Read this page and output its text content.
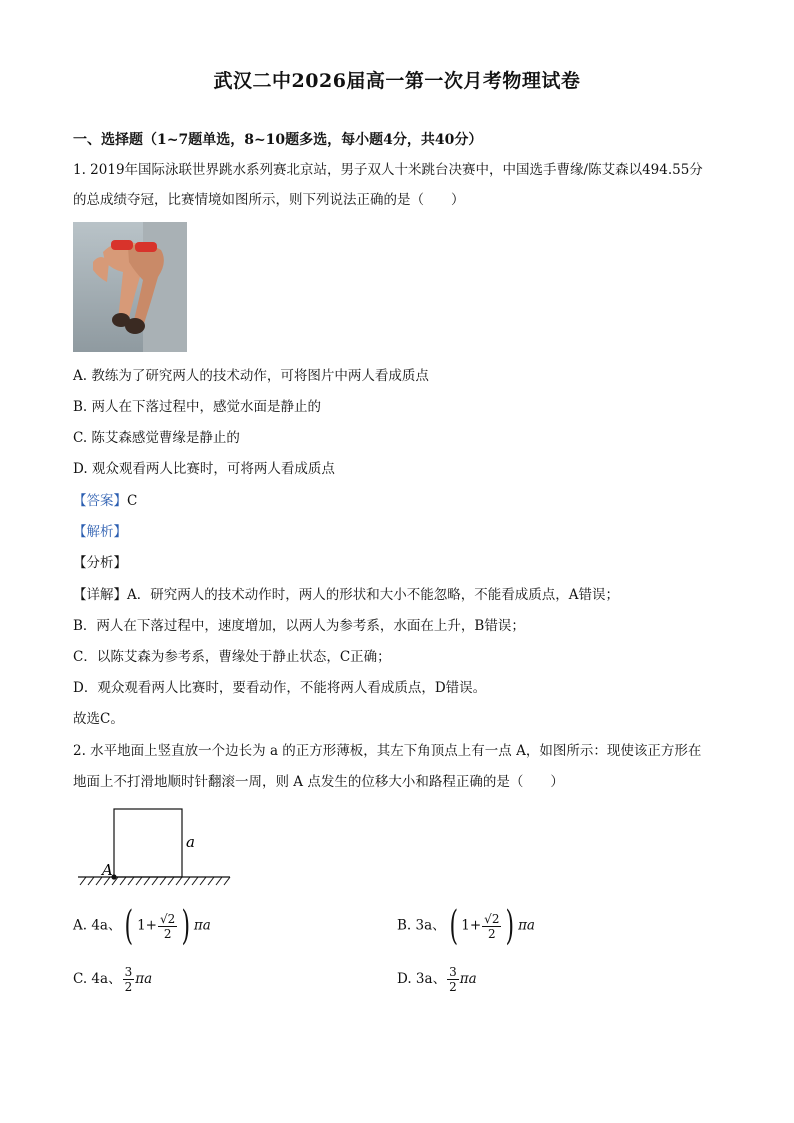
武汉二中2026届高一第一次月考物理试卷
一、选择题（1~7题单选，8~10题多选，每小题4分，共40分）
1. 2019年国际泳联世界跳水系列赛北京站，男子双人十米跳台决赛中，中国选手曹缘/陈艾森以494.55分
的总成绩夺冠，比赛情境如图所示，则下列说法正确的是（　　）
A. 教练为了研究两人的技术动作，可将图片中两人看成质点
B. 两人在下落过程中，感觉水面是静止的
C. 陈艾森感觉曹缘是静止的
D. 观众观看两人比赛时，可将两人看成质点
【答案】C
【解析】
【分析】
【详解】A．研究两人的技术动作时，两人的形状和大小不能忽略，不能看成质点，A错误；
B．两人在下落过程中，速度增加，以两人为参考系，水面在上升，B错误；
C．以陈艾森为参考系，曹缘处于静止状态，C正确；
D．观众观看两人比赛时，要看动作，不能将两人看成质点，D错误。
故选C。
2. 水平地面上竖直放一个边长为 a 的正方形薄板，其左下角顶点上有一点 A，如图所示：现使该正方形在
地面上不打滑地顺时针翻滚一周，则 A 点发生的位移大小和路程正确的是（　　）
a
A
A. 4a、( $1+ \frac{√2}{2}$ ) πa	B. 3a、( $1+ \frac{√2}{2}$ ) πa
C. 4a、 $\frac{3}{2}$ πa	D. 3a、 $\frac{3}{2}$ πa
